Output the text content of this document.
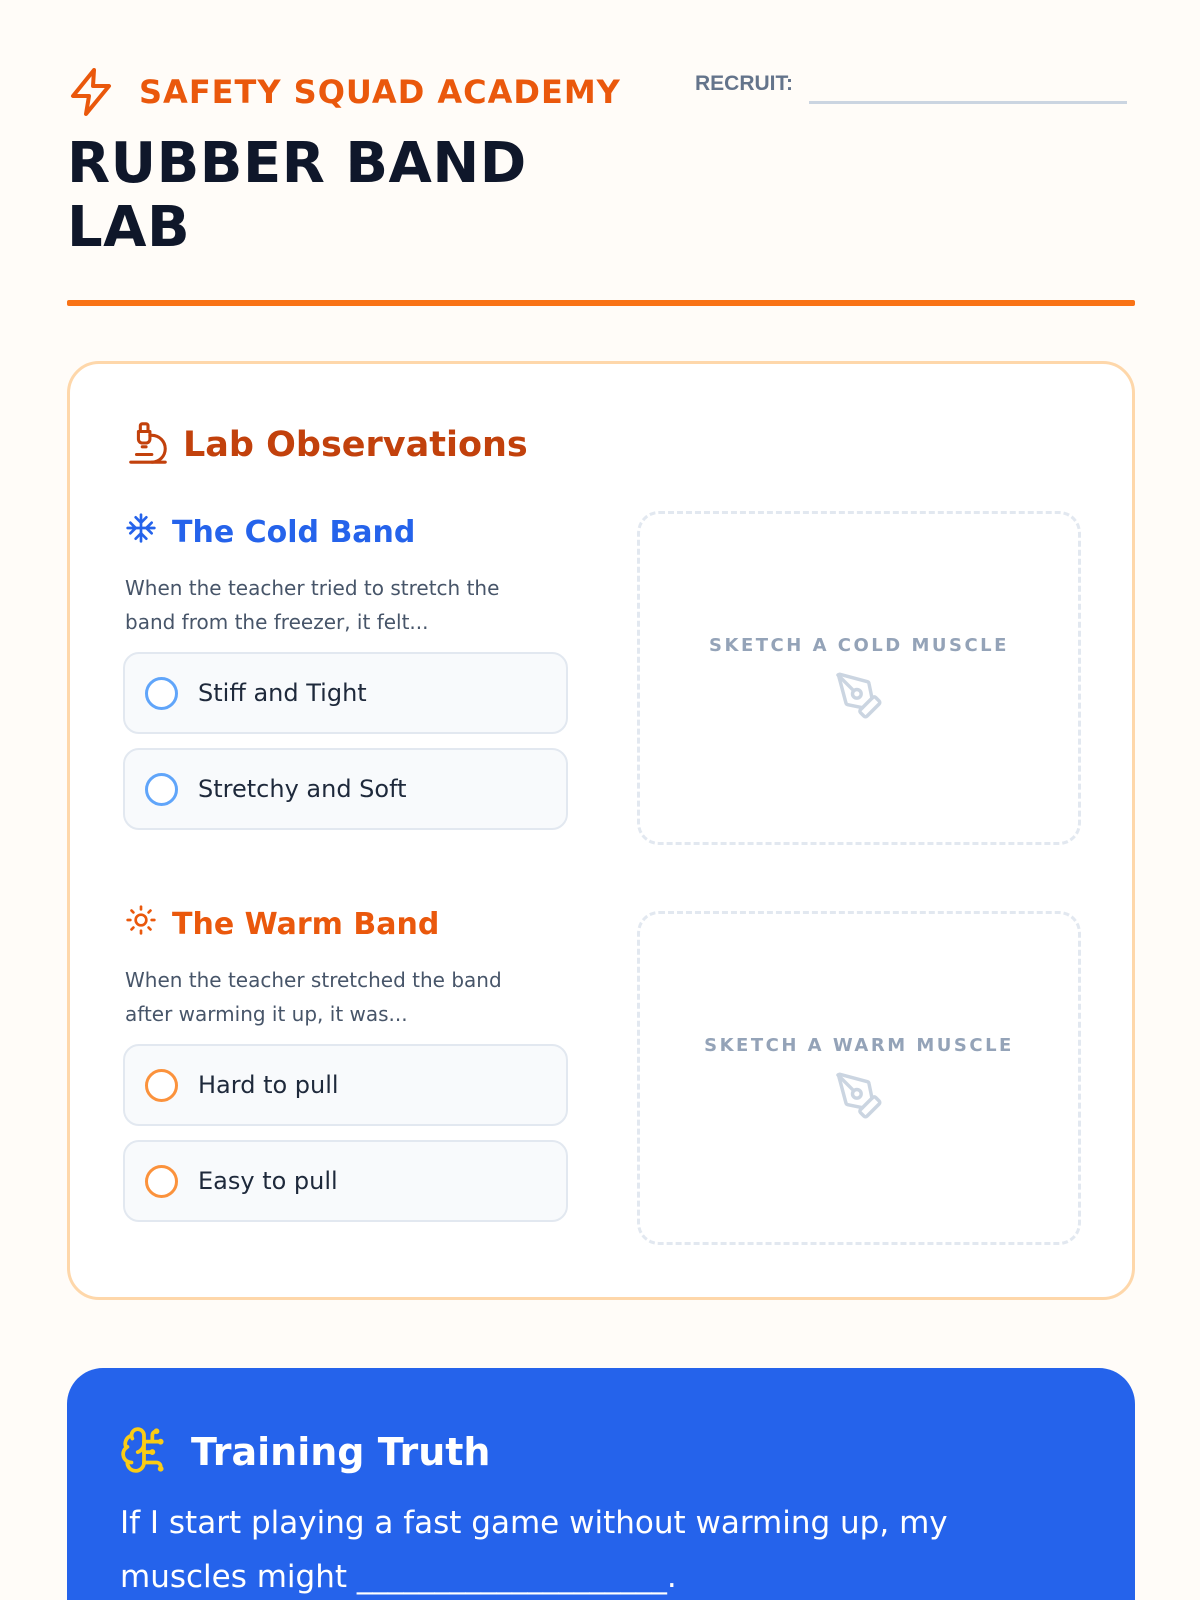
SAFETY SQUAD ACADEMY
RUBBER BAND
LAB
RECRUIT:
Lab Observations
The Cold Band
When the teacher tried to stretch the band from the freezer, it felt...
Stiff and Tight
Stretchy and Soft
SKETCH A COLD MUSCLE
The Warm Band
When the teacher stretched the band after warming it up, it was...
Hard to pull
Easy to pull
SKETCH A WARM MUSCLE
Training Truth
If I start playing a fast game without warming up, my muscles might ____________________.
